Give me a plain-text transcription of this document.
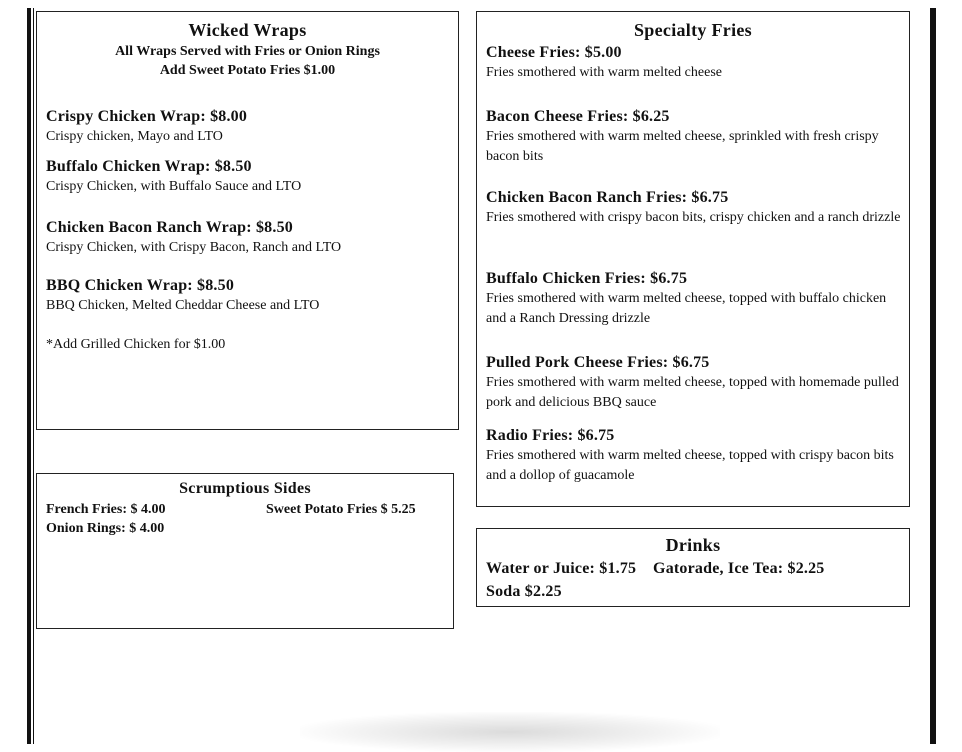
Wicked Wraps
All Wraps Served with Fries or Onion Rings
Add Sweet Potato Fries $1.00
Crispy Chicken Wrap: $8.00
Crispy chicken, Mayo and LTO
Buffalo Chicken Wrap: $8.50
Crispy Chicken, with Buffalo Sauce and LTO
Chicken Bacon Ranch Wrap: $8.50
Crispy Chicken, with Crispy Bacon, Ranch and LTO
BBQ Chicken Wrap: $8.50
BBQ Chicken, Melted Cheddar Cheese and LTO
*Add Grilled Chicken for $1.00
Scrumptious Sides
French Fries: $ 4.00	Sweet Potato Fries $ 5.25
Onion Rings: $ 4.00
Specialty Fries
Cheese Fries: $5.00
Fries smothered with warm melted cheese
Bacon Cheese Fries: $6.25
Fries smothered with warm melted cheese, sprinkled with fresh crispy bacon bits
Chicken Bacon Ranch Fries: $6.75
Fries smothered with crispy bacon bits, crispy chicken and a ranch drizzle
Buffalo Chicken Fries: $6.75
Fries smothered with warm melted cheese, topped with buffalo chicken and a Ranch Dressing drizzle
Pulled Pork Cheese Fries: $6.75
Fries smothered with warm melted cheese, topped with homemade pulled pork and delicious BBQ sauce
Radio Fries: $6.75
Fries smothered with warm melted cheese, topped with crispy bacon bits and a dollop of guacamole
Drinks
Water or Juice: $1.75    Gatorade, Ice Tea: $2.25
Soda $2.25
